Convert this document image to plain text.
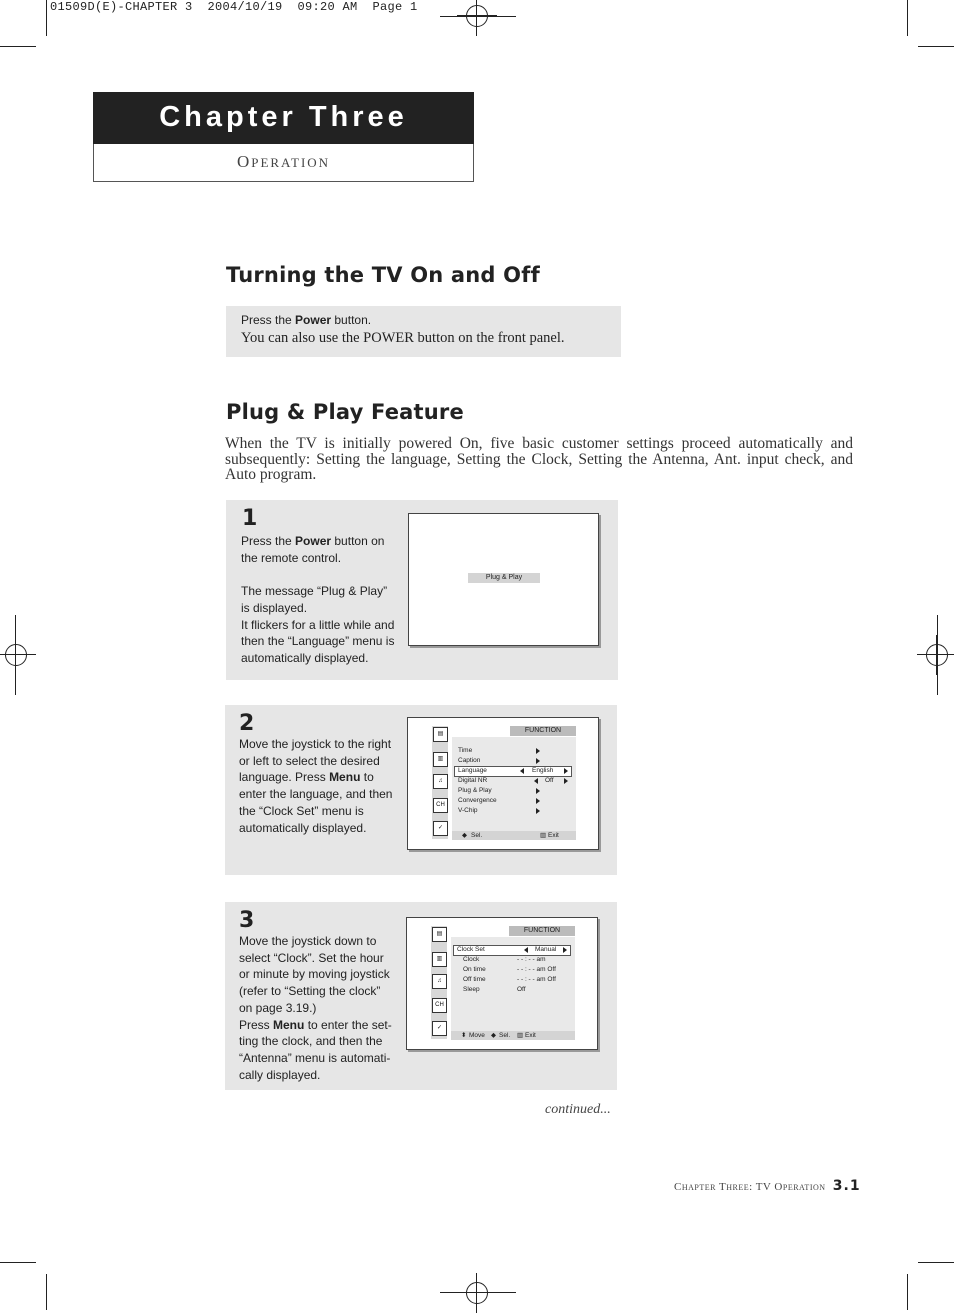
01509D(E)-CHAPTER 3  2004/10/19  09:20 AM  Page 1
Chapter Three
OPERATION
Turning the TV On and Off
Press the Power button.
You can also use the POWER button on the front panel.
Plug & Play Feature
When the TV is initially powered On, five basic customer settings proceed automatically and subsequently: Setting the language, Setting the Clock, Setting the Antenna, Ant. input check, and Auto program.
1

Press the Power button on
the remote control.

The message “Plug & Play”
is displayed.
It flickers for a little while and
then the “Language” menu is
automatically displayed.

Plug & Play
2

Move the joystick to the right
or left to select the desired
language. Press Menu to
enter the language, and then
the “Clock Set” menu is
automatically displayed.

▤
▥
♫
CH
✓
FUNCTION
Time
Caption
Language	English
Digital NR	Off
Plug & Play
Convergence
V-Chip
◆ Sel.	▥ Exit
3

Move the joystick down to
select “Clock”. Set the hour
or minute by moving joystick
(refer to “Setting the clock”
on page 3.19.)
Press Menu to enter the set-
ting the clock, and then the
“Antenna” menu is automati-
cally displayed.

▤
▥
♫
CH
✓
FUNCTION
Clock Set	Manual
Clock	- - : - - am
On time	- - : - - am Off
Off time	- - : - - am Off
Sleep	Off
⬍ Move ◆ Sel. ▥ Exit
continued...
Chapter Three: TV Operation 3.1
